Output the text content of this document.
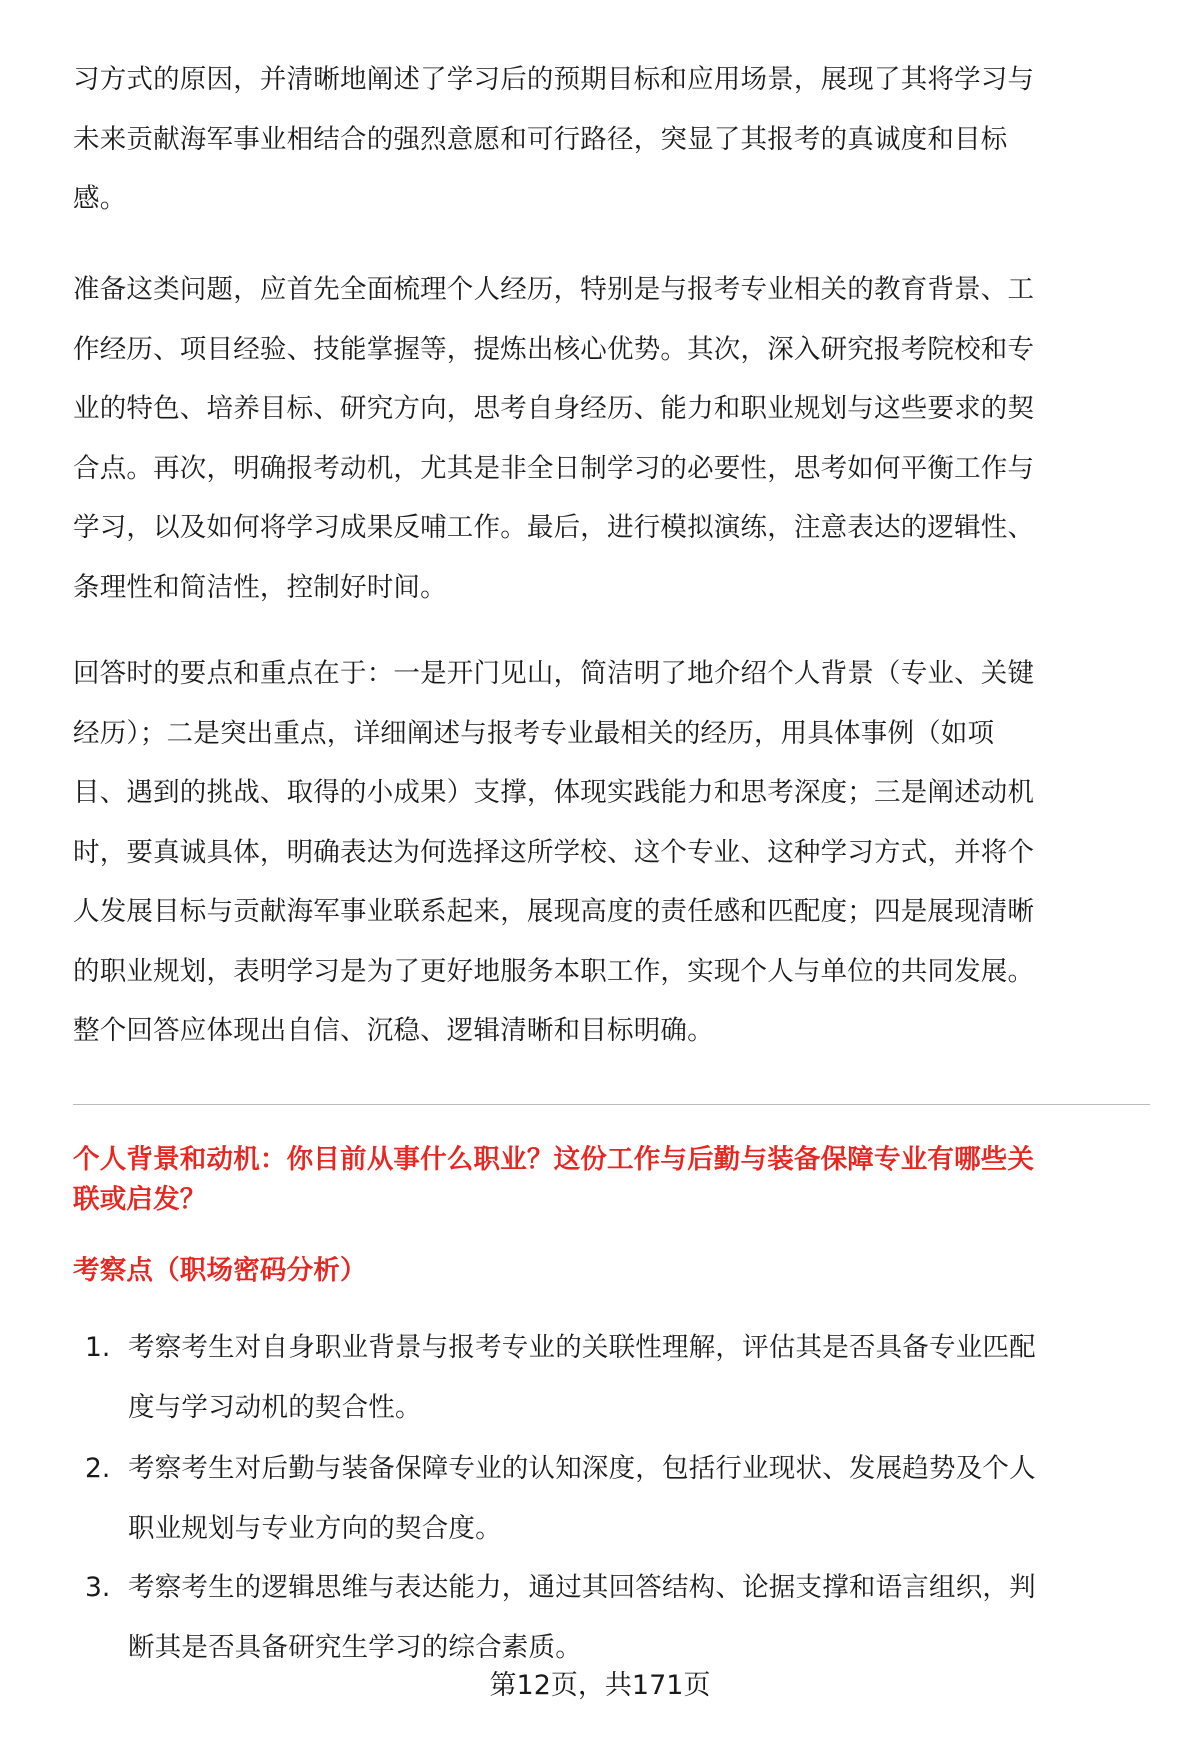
习方式的原因，并清晰地阐述了学习后的预期目标和应用场景，展现了其将学习与
未来贡献海军事业相结合的强烈意愿和可行路径，突显了其报考的真诚度和目标
感。
准备这类问题，应首先全面梳理个人经历，特别是与报考专业相关的教育背景、工
作经历、项目经验、技能掌握等，提炼出核心优势。其次，深入研究报考院校和专
业的特色、培养目标、研究方向，思考自身经历、能力和职业规划与这些要求的契
合点。再次，明确报考动机，尤其是非全日制学习的必要性，思考如何平衡工作与
学习，以及如何将学习成果反哺工作。最后，进行模拟演练，注意表达的逻辑性、
条理性和简洁性，控制好时间。
回答时的要点和重点在于：一是开门见山，简洁明了地介绍个人背景（专业、关键
经历）；二是突出重点，详细阐述与报考专业最相关的经历，用具体事例（如项
目、遇到的挑战、取得的小成果）支撑，体现实践能力和思考深度；三是阐述动机
时，要真诚具体，明确表达为何选择这所学校、这个专业、这种学习方式，并将个
人发展目标与贡献海军事业联系起来，展现高度的责任感和匹配度；四是展现清晰
的职业规划，表明学习是为了更好地服务本职工作，实现个人与单位的共同发展。
整个回答应体现出自信、沉稳、逻辑清晰和目标明确。
个人背景和动机：你目前从事什么职业？这份工作与后勤与装备保障专业有哪些关
联或启发？
考察点（职场密码分析）
1. 考察考生对自身职业背景与报考专业的关联性理解，评估其是否具备专业匹配
度与学习动机的契合性。
2. 考察考生对后勤与装备保障专业的认知深度，包括行业现状、发展趋势及个人
职业规划与专业方向的契合度。
3. 考察考生的逻辑思维与表达能力，通过其回答结构、论据支撑和语言组织，判
断其是否具备研究生学习的综合素质。
第12页，共171页
